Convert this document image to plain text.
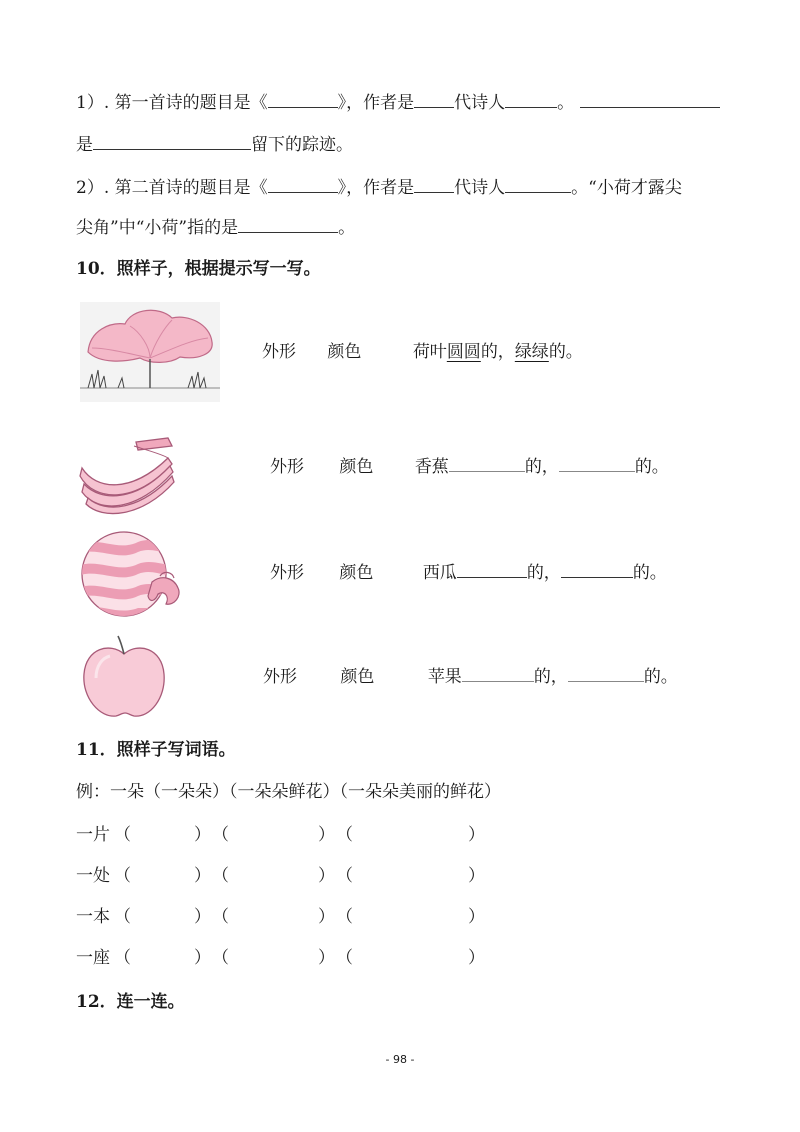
1）. 第一首诗的题目是《	》，作者是 代诗人	。
是	留下的踪迹。
2）. 第二首诗的题目是《	》，作者是 代诗人	。“小荷才露尖
尖角”中“小荷”指的是	。
10．照样子，根据提示写一写。
外形 颜色	荷叶圆圆的，绿绿的。
外形 颜色 香蕉	的，	的。
外形 颜色	西瓜	的，	的。
外形	颜色	苹果	的，	的。
11．照样子写词语。
例：一朵（一朵朵）（一朵朵鲜花）（一朵朵美丽的鲜花）
一片 （	） （	） （	）
一处 （	） （	） （	）
一本 （	） （	） （	）
一座 （	） （	） （	）
12．连一连。
- 98 -
